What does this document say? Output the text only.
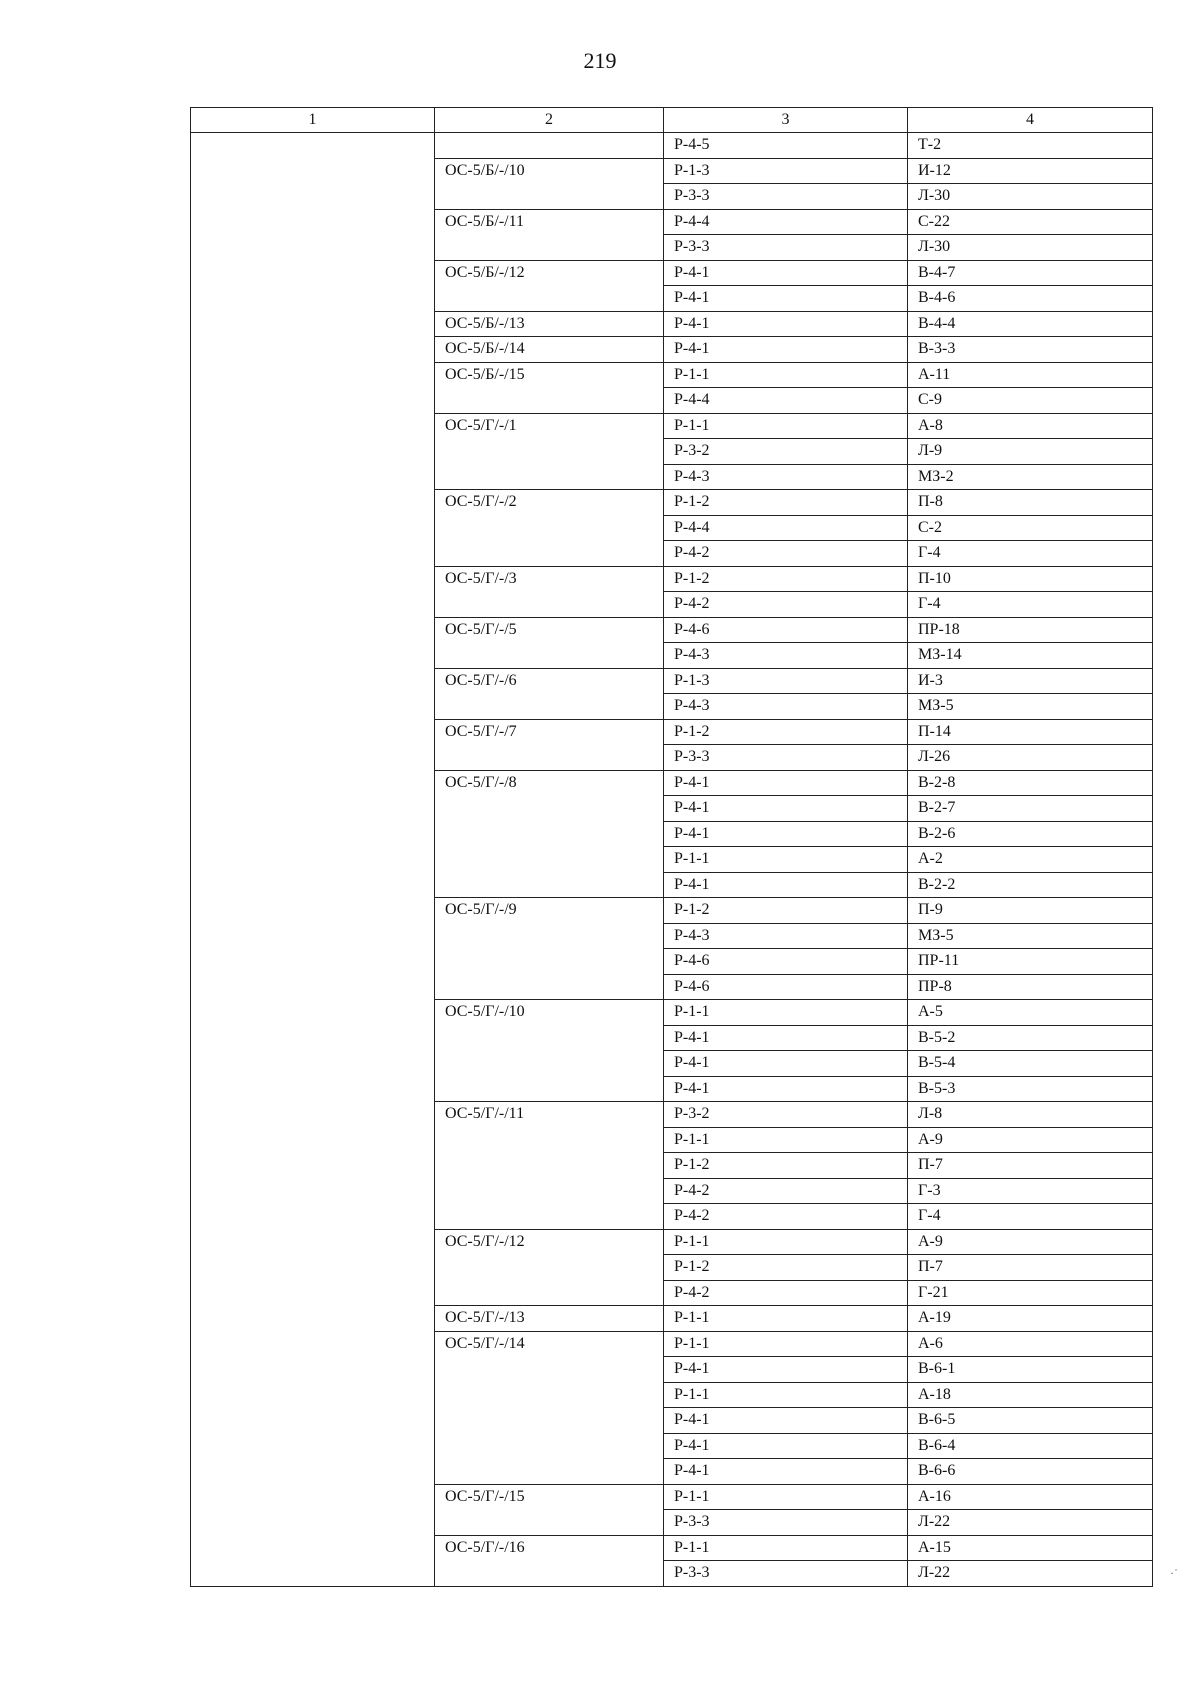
219
1	2	3	4
		Р-4-5	Т-2
	ОС-5/Б/-/10	Р-1-3	И-12
		Р-3-3	Л-30
	ОС-5/Б/-/11	Р-4-4	С-22
		Р-3-3	Л-30
	ОС-5/Б/-/12	Р-4-1	В-4-7
		Р-4-1	В-4-6
	ОС-5/Б/-/13	Р-4-1	В-4-4
	ОС-5/Б/-/14	Р-4-1	В-3-3
	ОС-5/Б/-/15	Р-1-1	А-11
		Р-4-4	С-9
	ОС-5/Г/-/1	Р-1-1	А-8
		Р-3-2	Л-9
		Р-4-3	МЗ-2
	ОС-5/Г/-/2	Р-1-2	П-8
		Р-4-4	С-2
		Р-4-2	Г-4
	ОС-5/Г/-/3	Р-1-2	П-10
		Р-4-2	Г-4
	ОС-5/Г/-/5	Р-4-6	ПР-18
		Р-4-3	МЗ-14
	ОС-5/Г/-/6	Р-1-3	И-3
		Р-4-3	МЗ-5
	ОС-5/Г/-/7	Р-1-2	П-14
		Р-3-3	Л-26
	ОС-5/Г/-/8	Р-4-1	В-2-8
		Р-4-1	В-2-7
		Р-4-1	В-2-6
		Р-1-1	А-2
		Р-4-1	В-2-2
	ОС-5/Г/-/9	Р-1-2	П-9
		Р-4-3	МЗ-5
		Р-4-6	ПР-11
		Р-4-6	ПР-8
	ОС-5/Г/-/10	Р-1-1	А-5
		Р-4-1	В-5-2
		Р-4-1	В-5-4
		Р-4-1	В-5-3
	ОС-5/Г/-/11	Р-3-2	Л-8
		Р-1-1	А-9
		Р-1-2	П-7
		Р-4-2	Г-3
		Р-4-2	Г-4
	ОС-5/Г/-/12	Р-1-1	А-9
		Р-1-2	П-7
		Р-4-2	Г-21
	ОС-5/Г/-/13	Р-1-1	А-19
	ОС-5/Г/-/14	Р-1-1	А-6
		Р-4-1	В-6-1
		Р-1-1	А-18
		Р-4-1	В-6-5
		Р-4-1	В-6-4
		Р-4-1	В-6-6
	ОС-5/Г/-/15	Р-1-1	А-16
		Р-3-3	Л-22
	ОС-5/Г/-/16	Р-1-1	А-15
		Р-3-3	Л-22	·˙
